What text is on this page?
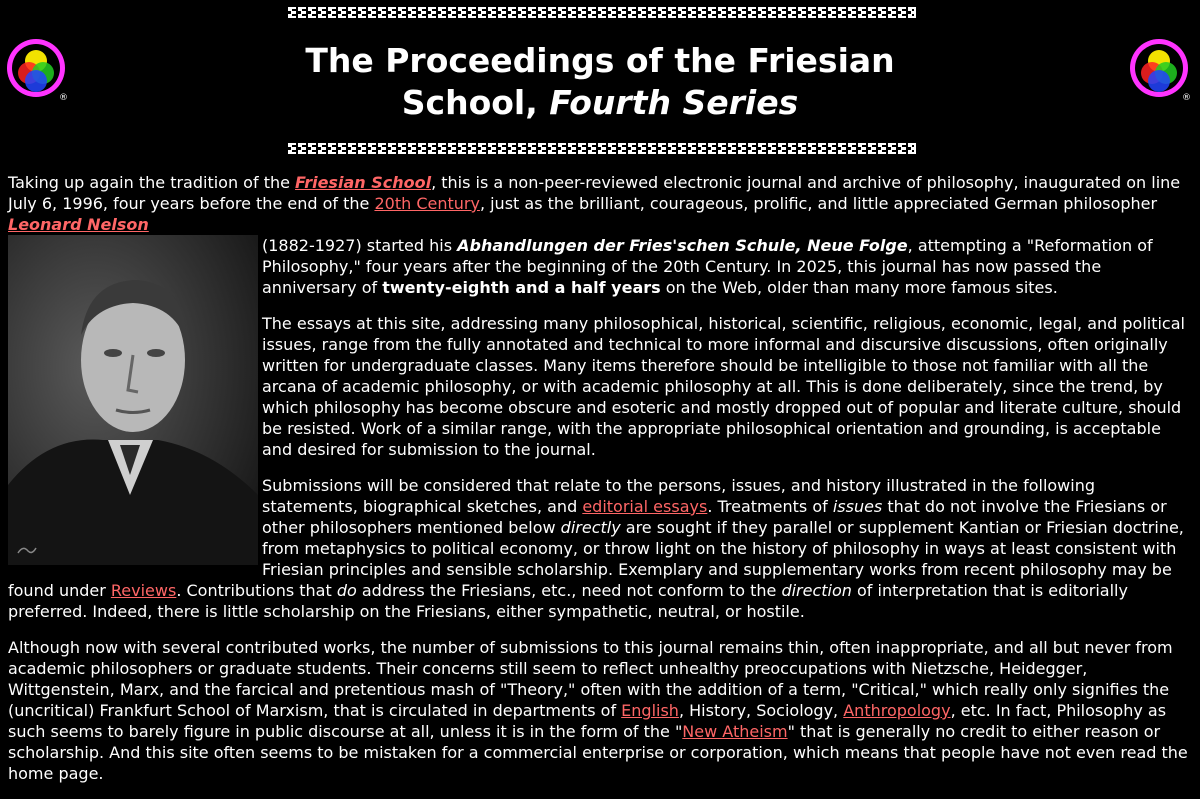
®	®
The Proceedings of the Friesian
School, Fourth Series

Taking up again the tradition of the Friesian School, this is a non-peer-reviewed electronic journal and archive of philosophy, inaugurated on line July 6, 1996, four years before the end of the 20th Century, just as the brilliant, courageous, prolific, and little appreciated German philosopher Leonard Nelson

(1882-1927) started his Abhandlungen der Fries'schen Schule, Neue Folge, attempting a "Reformation of Philosophy," four years after the beginning of the 20th Century. In 2025, this journal has now passed the anniversary of twenty-eighth and a half years on the Web, older than many more famous sites.

The essays at this site, addressing many philosophical, historical, scientific, religious, economic, legal, and political issues, range from the fully annotated and technical to more informal and discursive discussions, often originally written for undergraduate classes. Many items therefore should be intelligible to those not familiar with all the arcana of academic philosophy, or with academic philosophy at all. This is done deliberately, since the trend, by which philosophy has become obscure and esoteric and mostly dropped out of popular and literate culture, should be resisted. Work of a similar range, with the appropriate philosophical orientation and grounding, is acceptable and desired for submission to the journal.

Submissions will be considered that relate to the persons, issues, and history illustrated in the following statements, biographical sketches, and editorial essays. Treatments of issues that do not involve the Friesians or other philosophers mentioned below directly are sought if they parallel or supplement Kantian or Friesian doctrine, from metaphysics to political economy, or throw light on the history of philosophy in ways at least consistent with Friesian principles and sensible scholarship. Exemplary and supplementary works from recent philosophy may be found under Reviews. Contributions that do address the Friesians, etc., need not conform to the direction of interpretation that is editorially preferred. Indeed, there is little scholarship on the Friesians, either sympathetic, neutral, or hostile.

Although now with several contributed works, the number of submissions to this journal remains thin, often inappropriate, and all but never from academic philosophers or graduate students. Their concerns still seem to reflect unhealthy preoccupations with Nietzsche, Heidegger, Wittgenstein, Marx, and the farcical and pretentious mash of "Theory," often with the addition of a term, "Critical," which really only signifies the (uncritical) Frankfurt School of Marxism, that is circulated in departments of English, History, Sociology, Anthropology, etc. In fact, Philosophy as such seems to barely figure in public discourse at all, unless it is in the form of the "New Atheism" that is generally no credit to either reason or scholarship. And this site often seems to be mistaken for a commercial enterprise or corporation, which means that people have not even read the home page.
